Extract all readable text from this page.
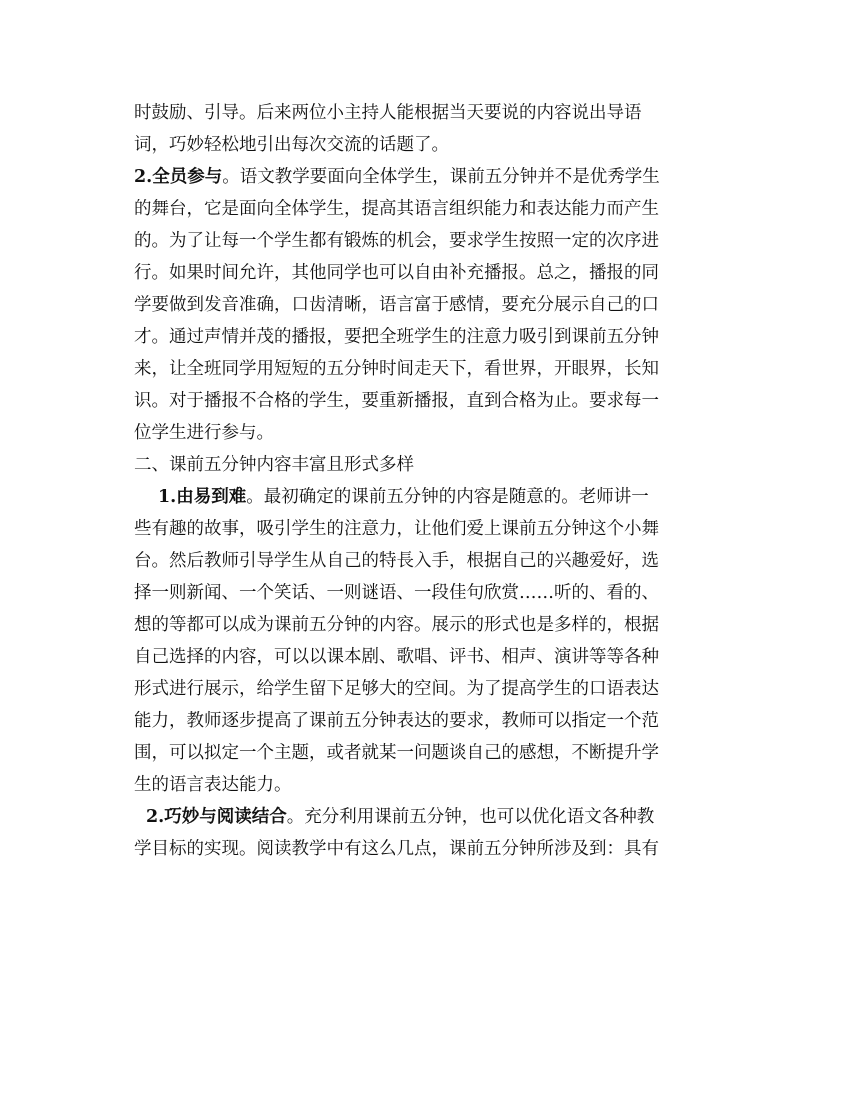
时鼓励、引导。后来两位小主持人能根据当天要说的内容说出导语
词，巧妙轻松地引出每次交流的话题了。
2.全员参与。语文教学要面向全体学生，课前五分钟并不是优秀学生
的舞台，它是面向全体学生，提高其语言组织能力和表达能力而产生
的。为了让每一个学生都有锻炼的机会，要求学生按照一定的次序进
行。如果时间允许，其他同学也可以自由补充播报。总之，播报的同
学要做到发音准确，口齿清晰，语言富于感情，要充分展示自己的口
才。通过声情并茂的播报，要把全班学生的注意力吸引到课前五分钟
来，让全班同学用短短的五分钟时间走天下，看世界，开眼界，长知
识。对于播报不合格的学生，要重新播报，直到合格为止。要求每一
位学生进行参与。
二、课前五分钟内容丰富且形式多样
1.由易到难。最初确定的课前五分钟的内容是随意的。老师讲一
些有趣的故事，吸引学生的注意力，让他们爱上课前五分钟这个小舞
台。然后教师引导学生从自己的特長入手，根据自己的兴趣爱好，选
择一则新闻、一个笑话、一则谜语、一段佳句欣赏……听的、看的、
想的等都可以成为课前五分钟的内容。展示的形式也是多样的，根据
自己选择的内容，可以以课本剧、歌唱、评书、相声、演讲等等各种
形式进行展示，给学生留下足够大的空间。为了提高学生的口语表达
能力，教师逐步提高了课前五分钟表达的要求，教师可以指定一个范
围，可以拟定一个主题，或者就某一问题谈自己的感想，不断提升学
生的语言表达能力。
2.巧妙与阅读结合。充分利用课前五分钟，也可以优化语文各种教
学目标的实现。阅读教学中有这么几点，课前五分钟所涉及到：具有
